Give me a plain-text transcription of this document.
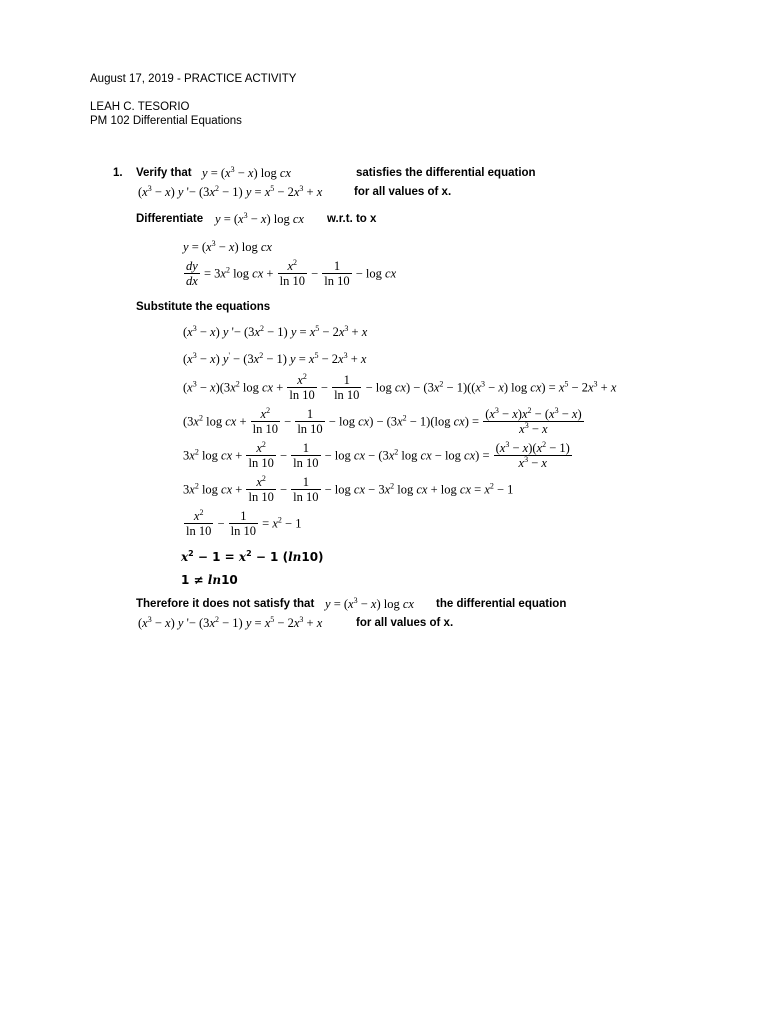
August 17, 2019 - PRACTICE ACTIVITY
LEAH C. TESORIO
PM 102 Differential Equations
1. Verify that $y = (x^3 - x)$ log cx	satisfies the differential equation
$(x^3 - x)$ y '− $(3x^2 - 1) y = x^5 - 2x^3 + x$	for all values of x.
Differentiate $y = (x^3 - x)$ log cx w.r.t. to x
$y = (x^3 - x)$ log cx
$\frac{dy}{dx} = 3x^2$ log cx + $\frac{x^2}{\ln 10} - \frac{1}{\ln 10} - \log$ cx
Substitute the equations
$(x^3 - x)$ y '− $(3x^2 - 1) y = x^5 - 2x^3 + x$
$(x^3 - x) y' - (3x^2 - 1) y = x^5 - 2x^3 + x$
$(x^3 - x)(3x^2$ log cx + $\frac{x^2}{\ln 10} - \frac{1}{\ln 10} - \log cx) - (3x^2 - 1)((x^3 - x)$ $\log cx) = x^5 - 2x^3 + x$
($3x^2$ log cx + $\frac{x^2}{\ln 10} - \frac{1}{\ln 10} - \log cx) - (3x^2 - 1)(\log$ $cx) = \frac{(x^3 - x)x^2 - (x^3 - x)}{x^3 - x}$
$3x^2$ log cx + $\frac{x^2}{\ln 10} - \frac{1}{\ln 10} - \log$ cx − ($3x^2$ log cx − $\log cx) = \frac{(x^3 - x)(x^2 - 1)}{x^3 - x}$
$3x^2$ log cx + $\frac{x^2}{\ln 10} - \frac{1}{\ln 10} - \log$ cx − $3x^2$ log cx + log cx = $x^2 - 1$
$\frac{x^2}{\ln 10} - \frac{1}{\ln 10} = x^2 - 1$
$x^2 - 1 = x^2 - 1$ (ln10)
1 ≠ ln10
Therefore it does not satisfy that $y = (x^3 - x)$ log cx the differential equation
$(x^3 - x)$ y '− $(3x^2 - 1) y = x^5 - 2x^3 + x$	for all values of x.
